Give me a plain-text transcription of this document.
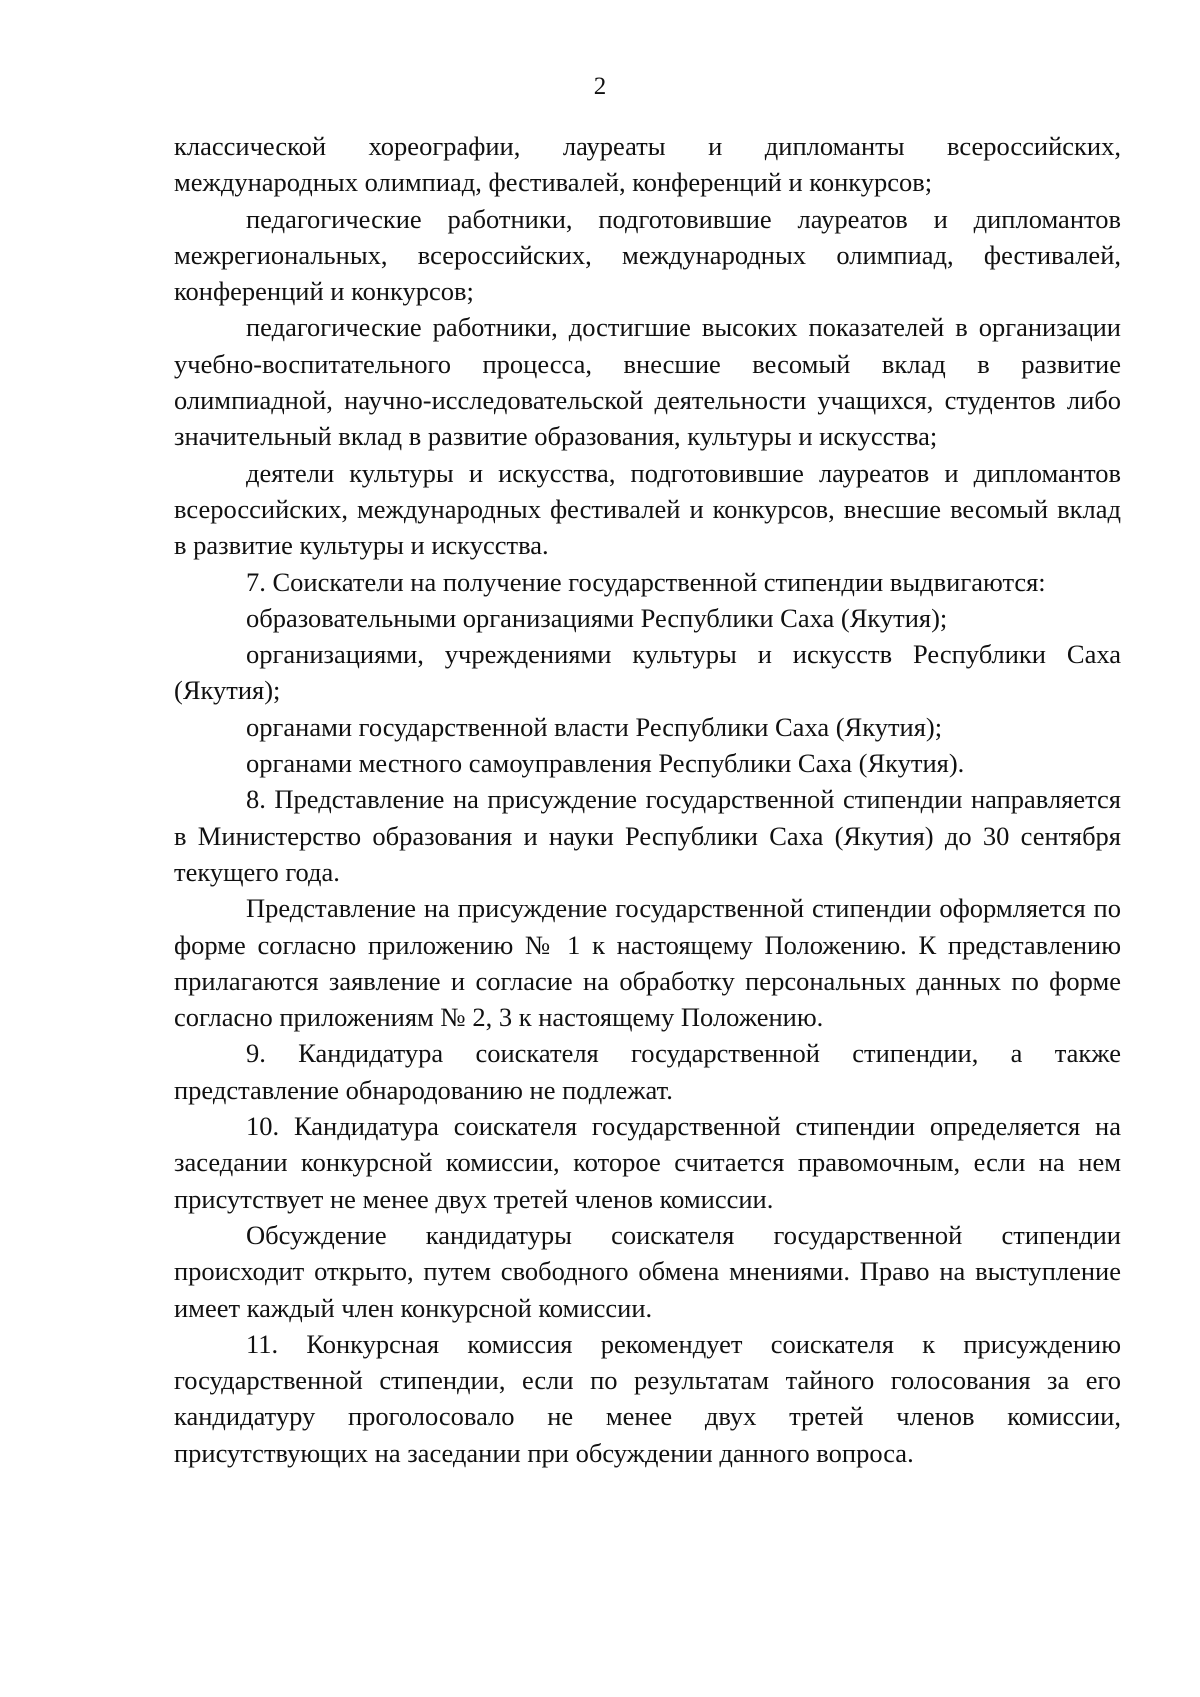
2

классической хореографии, лауреаты и дипломанты всероссийских, международных олимпиад, фестивалей, конференций и конкурсов;

педагогические работники, подготовившие лауреатов и дипломантов межрегиональных, всероссийских, международных олимпиад, фестивалей, конференций и конкурсов;

педагогические работники, достигшие высоких показателей в организации учебно-воспитательного процесса, внесшие весомый вклад в развитие олимпиадной, научно-исследовательской деятельности учащихся, студентов либо значительный вклад в развитие образования, культуры и искусства;

деятели культуры и искусства, подготовившие лауреатов и дипломантов всероссийских, международных фестивалей и конкурсов, внесшие весомый вклад в развитие культуры и искусства.

7. Соискатели на получение государственной стипендии выдвигаются:

образовательными организациями Республики Саха (Якутия);

организациями, учреждениями культуры и искусств Республики Саха (Якутия);

органами государственной власти Республики Саха (Якутия);

органами местного самоуправления Республики Саха (Якутия).

8. Представление на присуждение государственной стипендии направляется в Министерство образования и науки Республики Саха (Якутия) до 30 сентября текущего года.

Представление на присуждение государственной стипендии оформляется по форме согласно приложению № 1 к настоящему Положению. К представлению прилагаются заявление и согласие на обработку персональных данных по форме согласно приложениям № 2, 3 к настоящему Положению.

9. Кандидатура соискателя государственной стипендии, а также представление обнародованию не подлежат.

10. Кандидатура соискателя государственной стипендии определяется на заседании конкурсной комиссии, которое считается правомочным, если на нем присутствует не менее двух третей членов комиссии.

Обсуждение кандидатуры соискателя государственной стипендии происходит открыто, путем свободного обмена мнениями. Право на выступление имеет каждый член конкурсной комиссии.

11. Конкурсная комиссия рекомендует соискателя к присуждению государственной стипендии, если по результатам тайного голосования за его кандидатуру проголосовало не менее двух третей членов комиссии, присутствующих на заседании при обсуждении данного вопроса.
